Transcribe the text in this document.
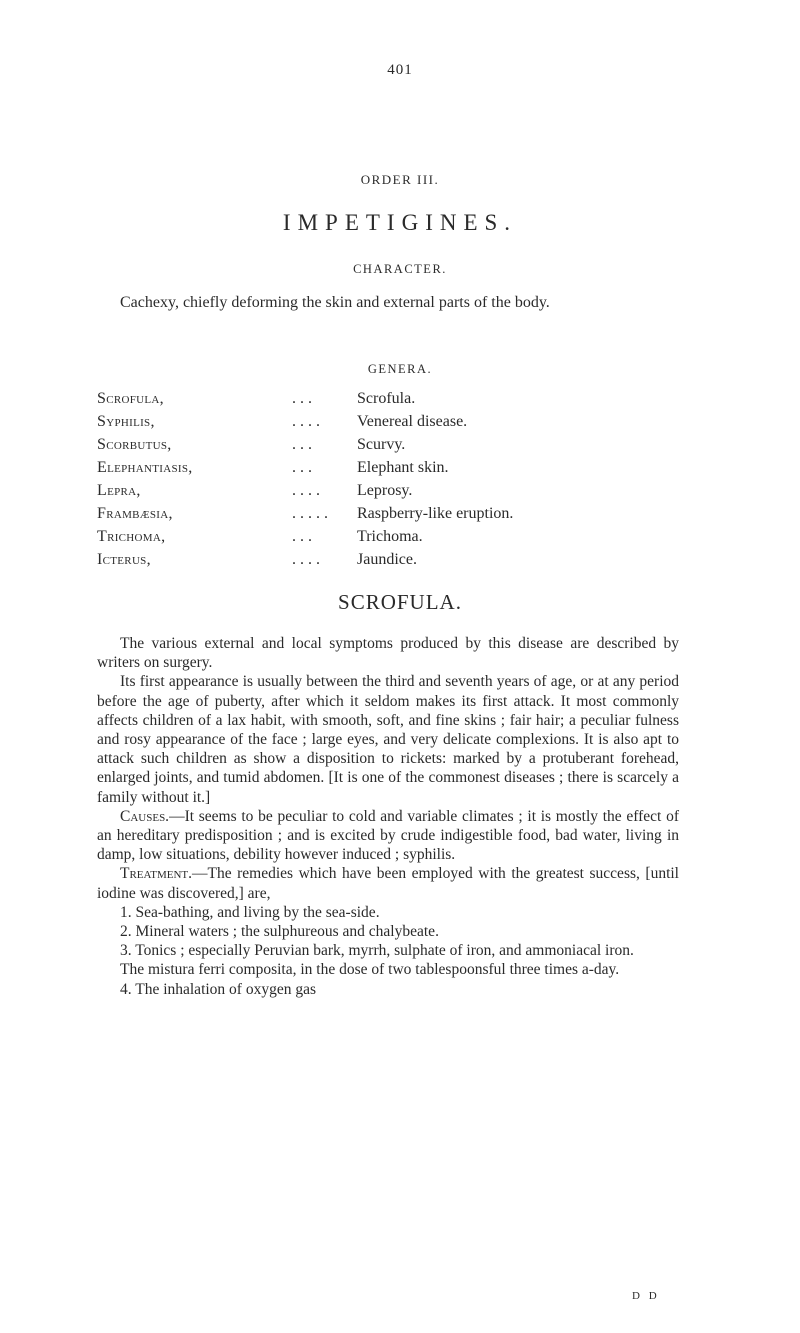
401
ORDER III.
IMPETIGINES.
CHARACTER.
Cachexy, chiefly deforming the skin and external parts of the body.
GENERA.
Scrofula,	. . .	Scrofula.
Syphilis,	. . . .	Venereal disease.
Scorbutus,	. . .	Scurvy.
Elephantiasis,	. . .	Elephant skin.
Lepra,	. . . .	Leprosy.
Frambæsia,	. . . . .	Raspberry-like eruption.
Trichoma,	. . .	Trichoma.
Icterus,	. . . .	Jaundice.
SCROFULA.

The various external and local symptoms produced by this disease are described by writers on surgery.

Its first appearance is usually between the third and seventh years of age, or at any period before the age of puberty, after which it seldom makes its first attack. It most commonly affects children of a lax habit, with smooth, soft, and fine skins ; fair hair; a peculiar fulness and rosy appearance of the face ; large eyes, and very delicate complexions. It is also apt to attack such children as show a disposition to rickets: marked by a protuberant forehead, enlarged joints, and tumid abdomen. [It is one of the commonest diseases ; there is scarcely a family without it.]

Causes.—It seems to be peculiar to cold and variable climates ; it is mostly the effect of an hereditary predisposition ; and is excited by crude indigestible food, bad water, living in damp, low situations, debility however induced ; syphilis.

Treatment.—The remedies which have been employed with the greatest success, [until iodine was discovered,] are,

1. Sea-bathing, and living by the sea-side.

2. Mineral waters ; the sulphureous and chalybeate.

3. Tonics ; especially Peruvian bark, myrrh, sulphate of iron, and ammoniacal iron.

The mistura ferri composita, in the dose of two tablespoonsful three times a-day.

4. The inhalation of oxygen gas

D D
